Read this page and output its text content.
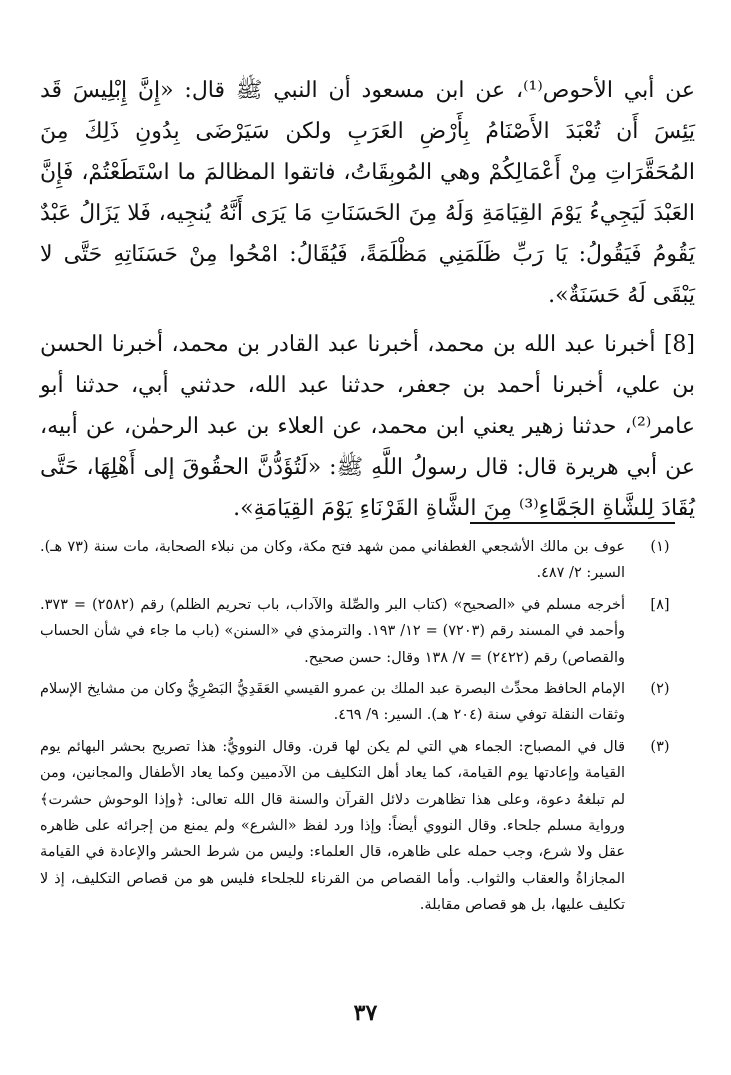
عن أبي الأحوص⁽¹⁾، عن ابن مسعود أن النبي ﷺ قال: «إِنَّ إِبْلِيسَ قَد يَئِسَ أَن تُعْبَدَ الأَصْنَامُ بِأَرْضِ العَرَبِ ولكن سَيَرْضَى بِدُونِ ذَلِكَ مِنَ المُحَقَّرَاتِ مِنْ أَعْمَالِكُمْ وهي المُوبِقَاتُ، فاتقوا المظالمَ ما اسْتَطَعْتُمْ، فَإِنَّ العَبْدَ لَيَجِيءُ يَوْمَ القِيَامَةِ وَلَهُ مِنَ الحَسَنَاتِ مَا يَرَى أَنَّهُ يُنجِيه، فَلا يَزَالُ عَبْدٌ يَقُومُ فَيَقُولُ: يَا رَبِّ ظَلَمَنِي مَظْلَمَةً، فَيُقَالُ: امْحُوا مِنْ حَسَنَاتِهِ حَتَّى لا يَبْقَى لَهُ حَسَنَةٌ».

[8] أخبرنا عبد الله بن محمد، أخبرنا عبد القادر بن محمد، أخبرنا الحسن بن علي، أخبرنا أحمد بن جعفر، حدثنا عبد الله، حدثني أبي، حدثنا أبو عامر⁽²⁾، حدثنا زهير يعني ابن محمد، عن العلاء بن عبد الرحمٰن، عن أبيه، عن أبي هريرة قال: قال رسولُ اللَّهِ ﷺ: «لَتُؤَدُّنَّ الحقُوقَ إلى أَهْلِهَا، حَتَّى يُقَادَ لِلشَّاةِ الجَمَّاءِ⁽³⁾ مِنَ الشَّاةِ القَرْنَاءِ يَوْمَ القِيَامَةِ».

(١)

عوف بن مالك الأشجعي الغطفاني ممن شهد فتح مكة، وكان من نبلاء الصحابة، مات سنة (٧٣ هـ). السير: ٢/ ٤٨٧.

[٨]

أخرجه مسلم في «الصحيح» (كتاب البر والصِّلة والآداب، باب تحريم الظلم) رقم (٢٥٨٢) = ٣٧٣. وأحمد في المسند رقم (٧٢٠٣) = ١٢/ ١٩٣. والترمذي في «السنن» (باب ما جاء في شأن الحساب والقصاص) رقم (٢٤٢٢) = ٧/ ١٣٨ وقال: حسن صحيح.

(٢)

الإمام الحافظ محدِّث البصرة عبد الملك بن عمرو القيسي العَقَدِيُّ البَصْرِيُّ وكان من مشايخ الإسلام وثقات النقلة توفي سنة (٢٠٤ هـ). السير: ٩/ ٤٦٩.

(٣)

قال في المصباح: الجماء هي التي لم يكن لها قرن. وقال النوويُّ: هذا تصريح بحشر البهائم يوم القيامة وإعادتها يوم القيامة، كما يعاد أهل التكليف من الآدميين وكما يعاد الأطفال والمجانين، ومن لم تبلغهُ دعوة، وعلى هذا تظاهرت دلائل القرآن والسنة قال الله تعالى: ﴿وإذا الوحوش حشرت﴾ ورواية مسلم جلحاء. وقال النووي أيضاً: وإذا ورد لفظ «الشرع» ولم يمنع من إجرائه على ظاهره عقل ولا شرع، وجب حمله على ظاهره، قال العلماء: وليس من شرط الحشر والإعادة في القيامة المجازاةُ والعقاب والثواب. وأما القصاص من القرناء للجلحاء فليس هو من قصاص التكليف، إذ لا تكليف عليها، بل هو قصاص مقابلة.

٣٧
